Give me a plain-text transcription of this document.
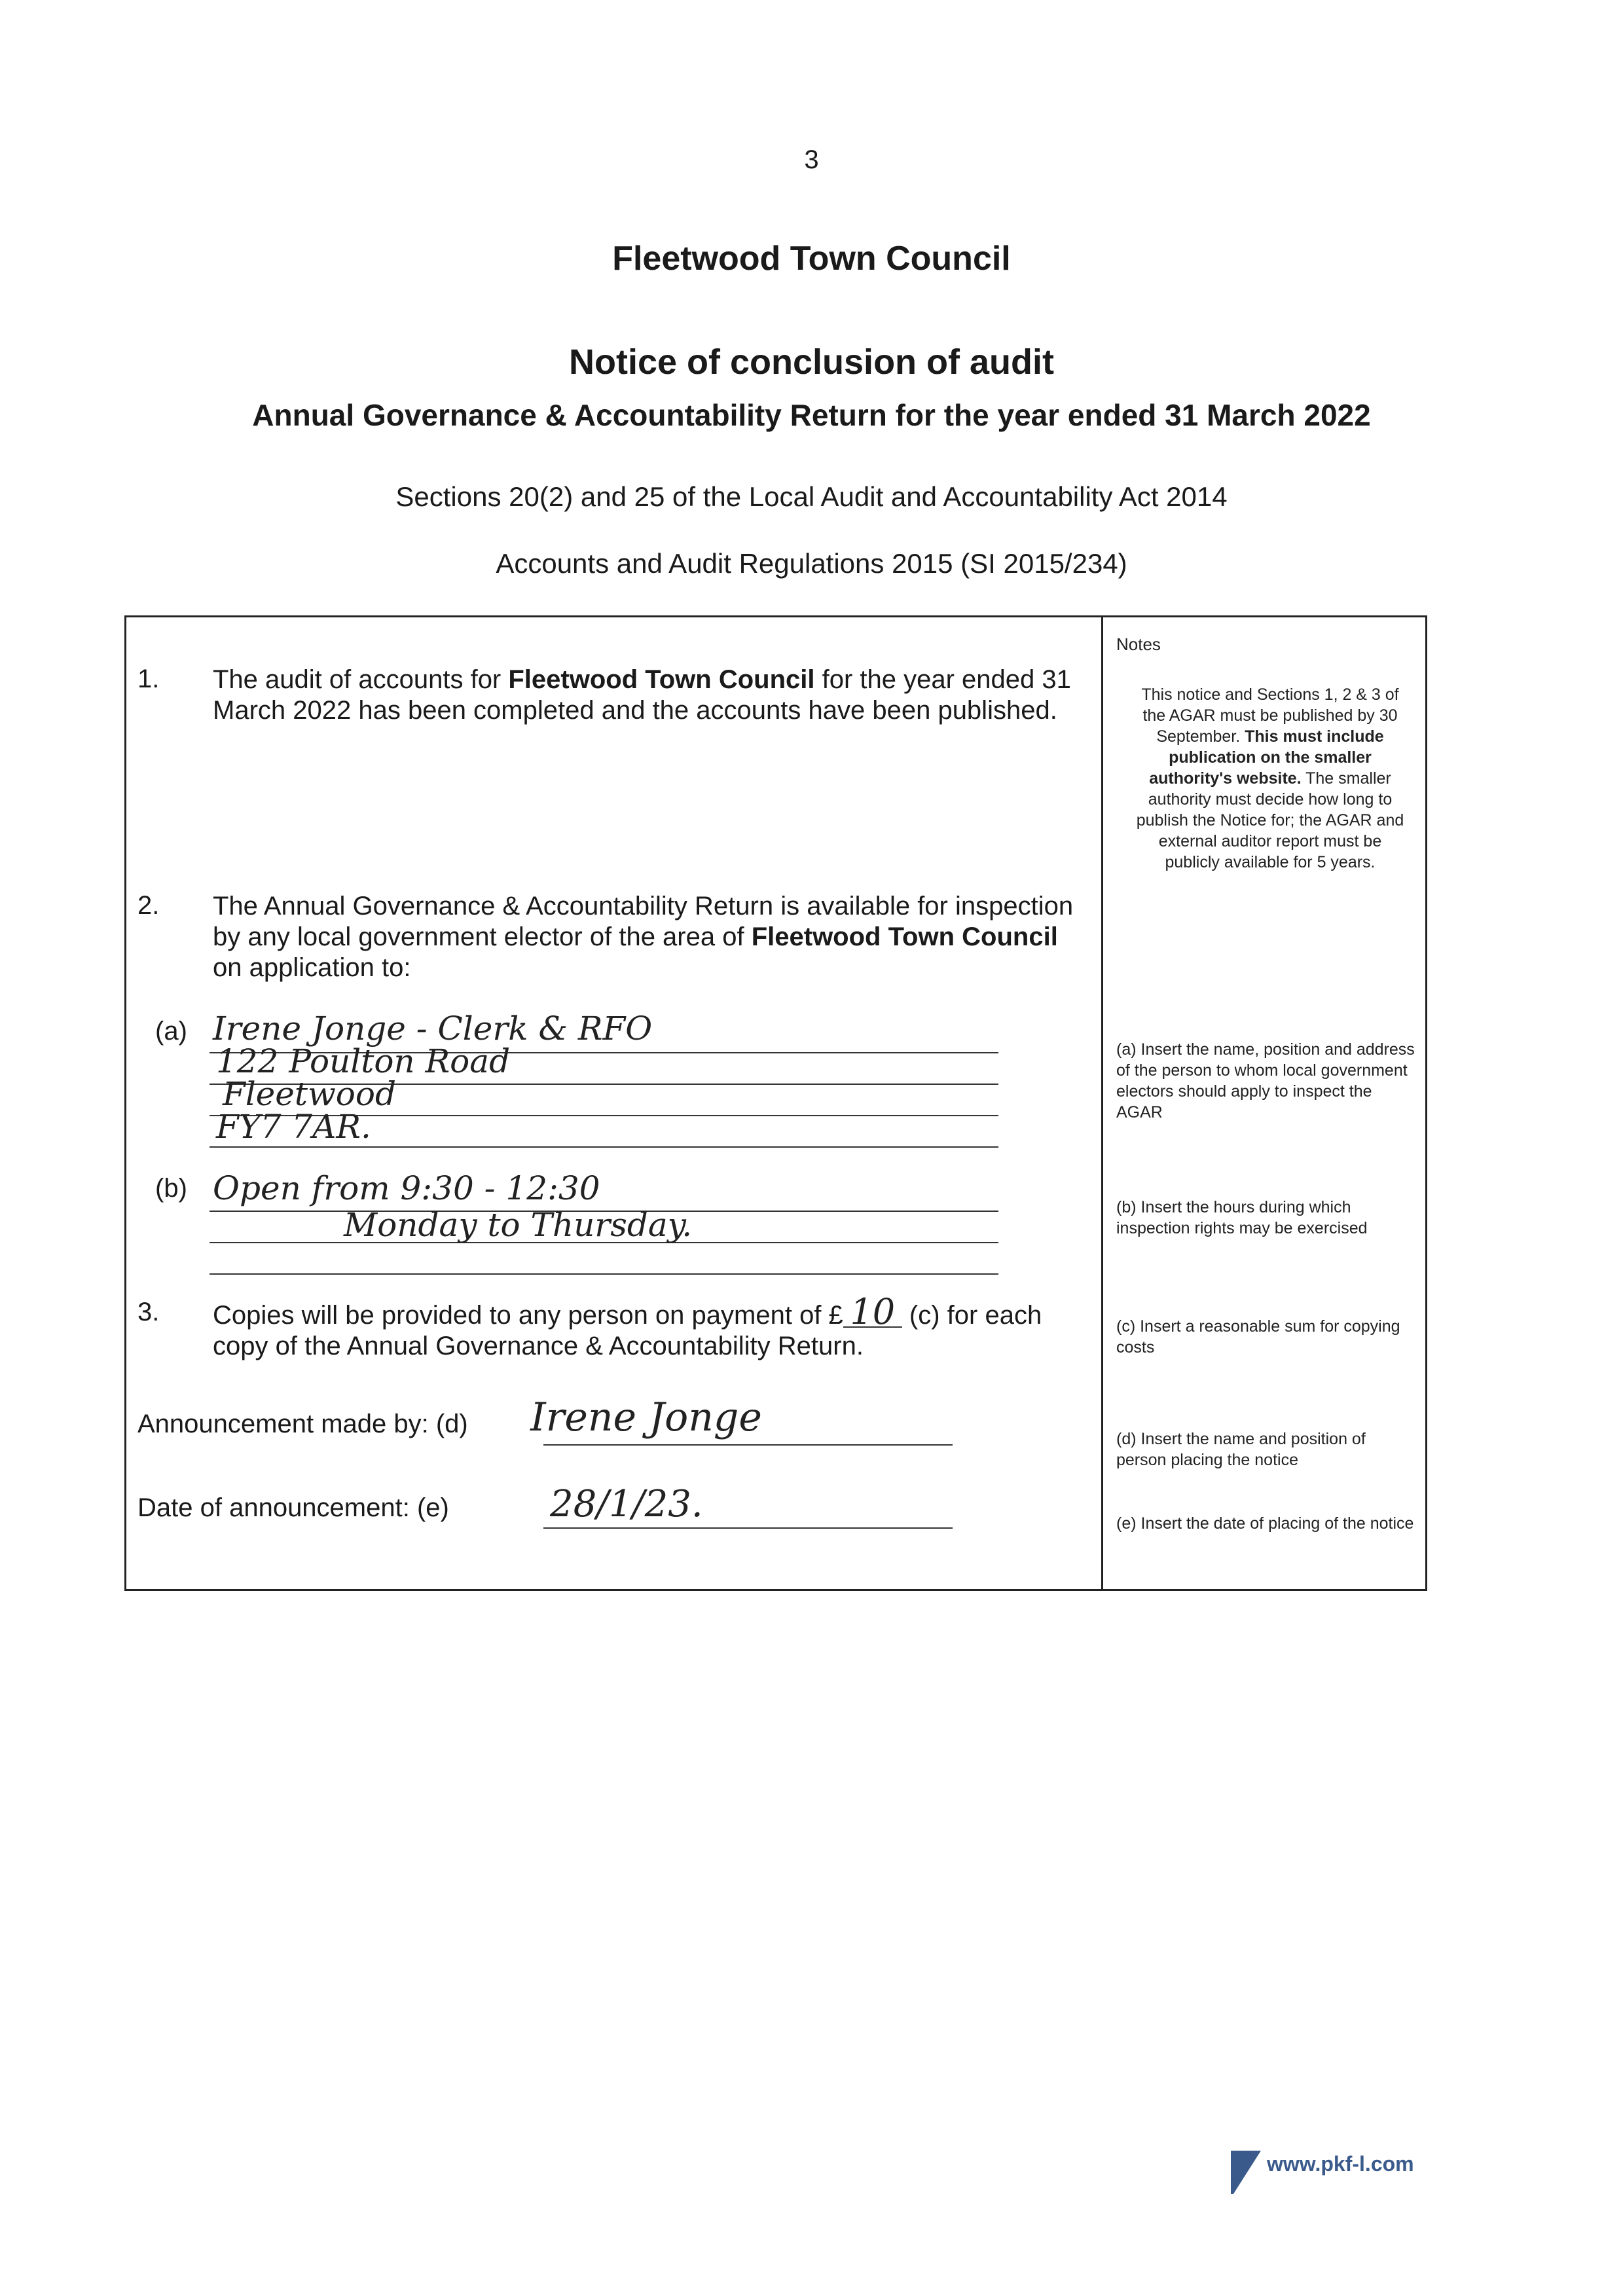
3
Fleetwood Town Council
Notice of conclusion of audit
Annual Governance & Accountability Return for the year ended 31 March 2022
Sections 20(2) and 25 of the Local Audit and Accountability Act 2014
Accounts and Audit Regulations 2015 (SI 2015/234)
1. The audit of accounts for Fleetwood Town Council for the year ended 31 March 2022 has been completed and the accounts have been published.
2. The Annual Governance & Accountability Return is available for inspection by any local government elector of the area of Fleetwood Town Council on application to:
(a) Irene Jonge - Clerk & RFO
122 Poulton Road
Fleetwood
FY7 7AR.
(b) Open from 9:30 - 12:30
Monday to Thursday.
3. Copies will be provided to any person on payment of £ 10 (c) for each copy of the Annual Governance & Accountability Return.
Announcement made by: (d) Irene Jonge
Date of announcement: (e)	28/1/23.
Notes
This notice and Sections 1, 2 & 3 of the AGAR must be published by 30 September. This must include publication on the smaller authority's website. The smaller authority must decide how long to publish the Notice for; the AGAR and external auditor report must be publicly available for 5 years.
(a) Insert the name, position and address of the person to whom local government electors should apply to inspect the AGAR
(b) Insert the hours during which inspection rights may be exercised
(c) Insert a reasonable sum for copying costs
(d) Insert the name and position of person placing the notice
(e) Insert the date of placing of the notice
www.pkf-l.com
